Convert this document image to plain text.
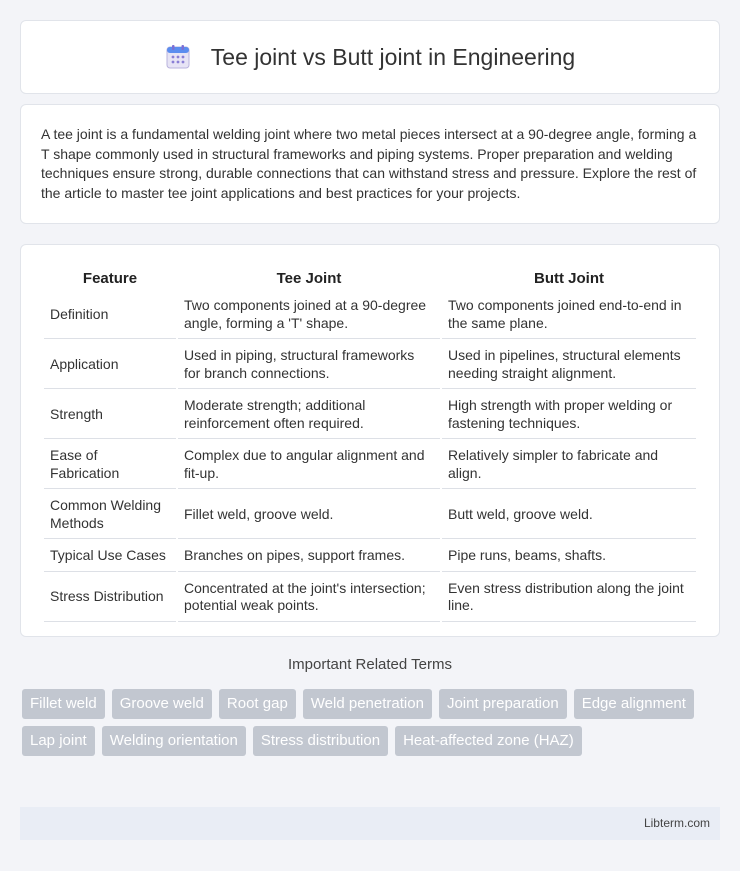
Tee joint vs Butt joint in Engineering

A tee joint is a fundamental welding joint where two metal pieces intersect at a 90-degree angle, forming a T shape commonly used in structural frameworks and piping systems. Proper preparation and welding techniques ensure strong, durable connections that can withstand stress and pressure. Explore the rest of the article to master tee joint applications and best practices for your projects.

Feature	Tee Joint	Butt Joint
Definition	Two components joined at a 90-degree angle, forming a 'T' shape.	Two components joined end-to-end in the same plane.
Application	Used in piping, structural frameworks for branch connections.	Used in pipelines, structural elements needing straight alignment.
Strength	Moderate strength; additional reinforcement often required.	High strength with proper welding or fastening techniques.
Ease of Fabrication	Complex due to angular alignment and fit-up.	Relatively simpler to fabricate and align.
Common Welding Methods	Fillet weld, groove weld.	Butt weld, groove weld.
Typical Use Cases	Branches on pipes, support frames.	Pipe runs, beams, shafts.
Stress Distribution	Concentrated at the joint's intersection; potential weak points.	Even stress distribution along the joint line.
Important Related Terms
Fillet weld	Groove weld	Root gap	Weld penetration	Joint preparation	Edge alignment
Lap joint	Welding orientation	Stress distribution	Heat-affected zone (HAZ)
Libterm.com
